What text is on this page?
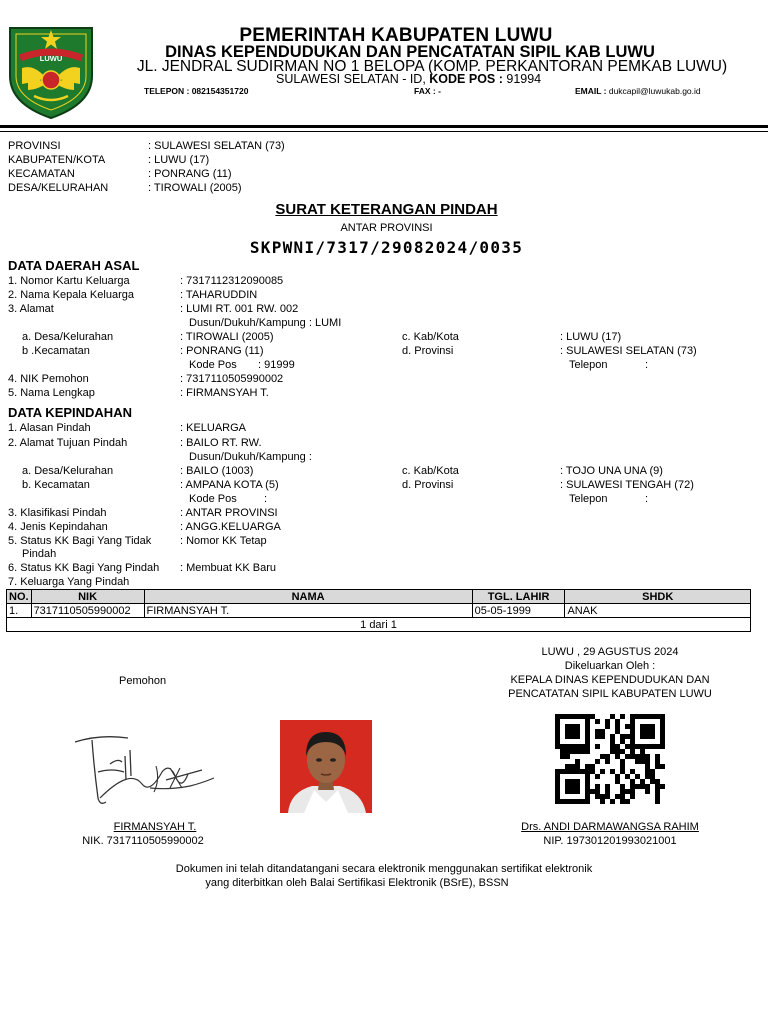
LUWU
PEMERINTAH KABUPATEN LUWU
DINAS KEPENDUDUKAN DAN PENCATATAN SIPIL KAB LUWU
JL. JENDRAL SUDIRMAN NO 1 BELOPA (KOMP. PERKANTORAN PEMKAB LUWU)
SULAWESI SELATAN - ID, KODE POS : 91994
TELEPON : 082154351720	FAX : -	EMAIL : dukcapil@luwukab.go.id
PROVINSI	: SULAWESI SELATAN (73)
KABUPATEN/KOTA	: LUWU (17)
KECAMATAN	: PONRANG (11)
DESA/KELURAHAN	: TIROWALI (2005)
SURAT KETERANGAN PINDAH
ANTAR PROVINSI
SKPWNI/7317/29082024/0035
DATA DAERAH ASAL
1. Nomor Kartu Keluarga	: 7317112312090085
2. Nama Kepala Keluarga	: TAHARUDDIN
3. Alamat	: LUMI RT. 001 RW. 002
Dusun/Dukuh/Kampung : LUMI
a. Desa/Kelurahan	: TIROWALI (2005)	c. Kab/Kota	: LUWU (17)
b .Kecamatan	: PONRANG (11)	d. Provinsi	: SULAWESI SELATAN (73)
Kode Pos : 91999	Telepon	:
4. NIK Pemohon	: 7317110505990002
5. Nama Lengkap	: FIRMANSYAH T.
DATA KEPINDAHAN
1. Alasan Pindah	: KELUARGA
2. Alamat Tujuan Pindah	: BAILO RT. RW.
Dusun/Dukuh/Kampung :
a. Desa/Kelurahan	: BAILO (1003)	c. Kab/Kota	: TOJO UNA UNA (9)
b. Kecamatan	: AMPANA KOTA (5)	d. Provinsi	: SULAWESI TENGAH (72)
Kode Pos :	Telepon	:
3. Klasifikasi Pindah	: ANTAR PROVINSI
4. Jenis Kepindahan	: ANGG.KELUARGA
5. Status KK Bagi Yang Tidak
Pindah
: Nomor KK Tetap
6. Status KK Bagi Yang Pindah : Membuat KK Baru
7. Keluarga Yang Pindah
NO.	NIK	NAMA	TGL. LAHIR	SHDK
1.	7317110505990002	FIRMANSYAH T.	05-05-1999	ANAK
1 dari 1				
Pemohon
LUWU , 29 AGUSTUS 2024
Dikeluarkan Oleh :
KEPALA DINAS KEPENDUDUKAN DAN
PENCATATAN SIPIL KABUPATEN LUWU
FIRMANSYAH T.
NIK. 7317110505990002
Drs. ANDI DARMAWANGSA RAHIM
NIP. 197301201993021001
Dokumen ini telah ditandatangani secara elektronik menggunakan sertifikat elektronik
yang diterbitkan oleh Balai Sertifikasi Elektronik (BSrE), BSSN
